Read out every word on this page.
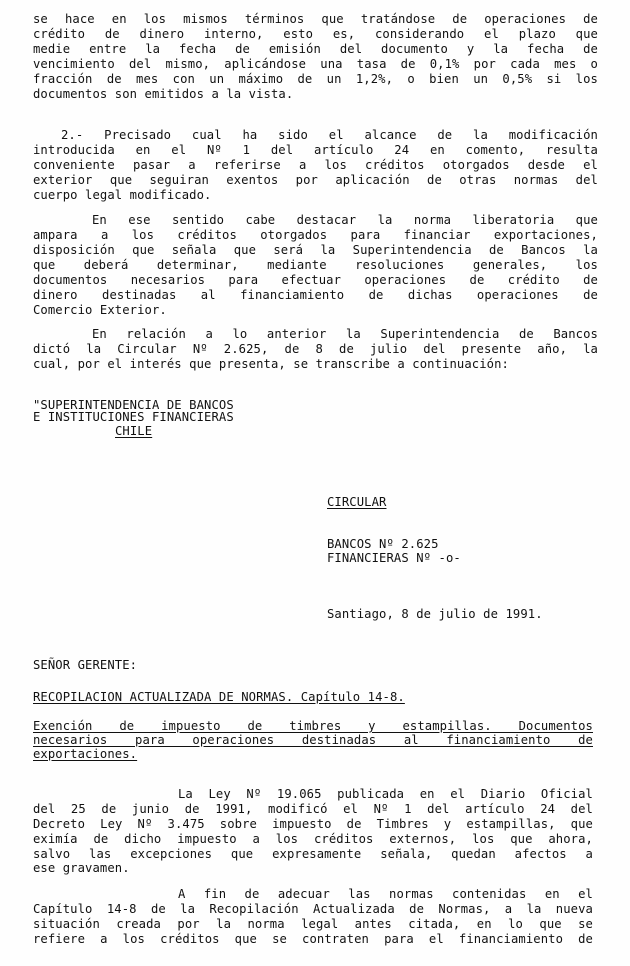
se hace en los mismos términos que tratándose de operaciones de
crédito de dinero interno, esto es, considerando el plazo que
medie entre la fecha de emisión del documento y la fecha de
vencimiento del mismo, aplicándose una tasa de 0,1% por cada mes o
fracción de mes con un máximo de un 1,2%, o bien un 0,5% si los
documentos son emitidos a la vista.
2.- Precisado cual ha sido el alcance de la modificación
introducida en el Nº 1 del artículo 24 en comento, resulta
conveniente pasar a referirse a los créditos otorgados desde el
exterior que seguiran exentos por aplicación de otras normas del
cuerpo legal modificado.
En ese sentido cabe destacar la norma liberatoria que
ampara a los créditos otorgados para financiar exportaciones,
disposición que señala que será la Superintendencia de Bancos la
que deberá determinar, mediante resoluciones generales, los
documentos necesarios para efectuar operaciones de crédito de
dinero destinadas al financiamiento de dichas operaciones de
Comercio Exterior.
En relación a lo anterior la Superintendencia de Bancos
dictó la Circular Nº 2.625, de 8 de julio del presente año, la
cual, por el interés que presenta, se transcribe a continuación:
"SUPERINTENDENCIA DE BANCOS
E INSTITUCIONES FINANCIERAS
CHILE
CIRCULAR
BANCOS Nº 2.625
FINANCIERAS Nº -o-
Santiago, 8 de julio de 1991.
SEÑOR GERENTE:
RECOPILACION ACTUALIZADA DE NORMAS. Capítulo 14-8.
Exención de impuesto de timbres y estampillas. Documentos
necesarios para operaciones destinadas al financiamiento de
exportaciones.
La Ley Nº 19.065 publicada en el Diario Oficial
del 25 de junio de 1991, modificó el Nº 1 del artículo 24 del
Decreto Ley Nº 3.475 sobre impuesto de Timbres y estampillas, que
eximía de dicho impuesto a los créditos externos, los que ahora,
salvo las excepciones que expresamente señala, quedan afectos a
ese gravamen.
A fin de adecuar las normas contenidas en el
Capítulo 14-8 de la Recopilación Actualizada de Normas, a la nueva
situación creada por la norma legal antes citada, en lo que se
refiere a los créditos que se contraten para el financiamiento de
